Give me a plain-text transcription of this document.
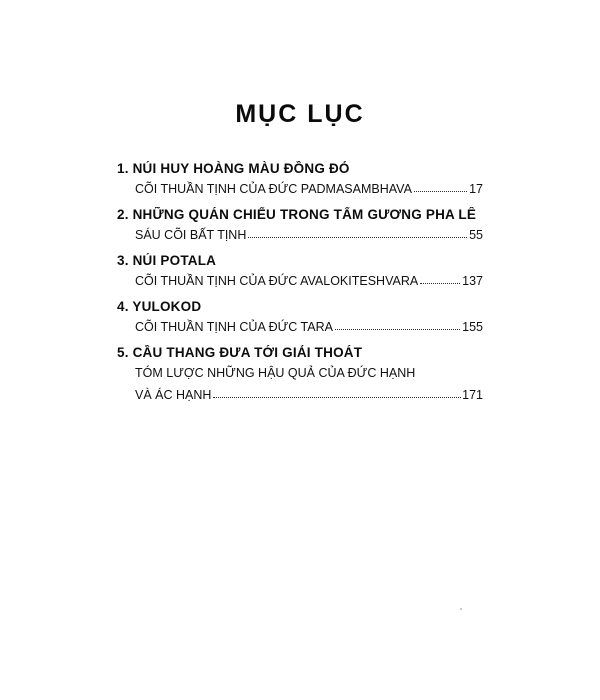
MỤC LỤC
1. NÚI HUY HOÀNG MÀU ĐỒNG ĐỎ
CÕI THUẦN TỊNH CỦA ĐỨC PADMASAMBHAVA	17
2. NHỮNG QUÁN CHIẾU TRONG TẤM GƯƠNG PHA LÊ
SÁU CÕI BẤT TỊNH	55
3. NÚI POTALA
CÕI THUẦN TỊNH CỦA ĐỨC AVALOKITESHVARA	137
4. YULOKOD
CÕI THUẦN TỊNH CỦA ĐỨC TARA	155
5. CẦU THANG ĐƯA TỚI GIẢI THOÁT
TÓM LƯỢC NHỮNG HẬU QUẢ CỦA ĐỨC HẠNH
VÀ ÁC HẠNH	171
